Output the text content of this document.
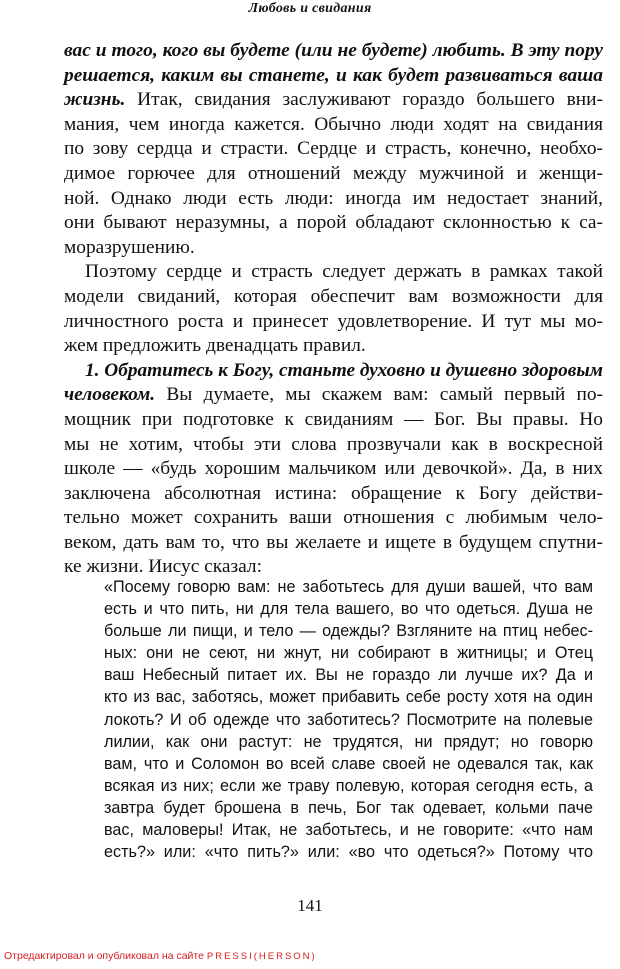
Любовь и свидания
вас и того, кого вы будете (или не будете) любить. В эту пору
решается, каким вы станете, и как будет развиваться ваша
жизнь. Итак, свидания заслуживают гораздо большего вни-
мания, чем иногда кажется. Обычно люди ходят на свидания
по зову сердца и страсти. Сердце и страсть, конечно, необхо-
димое горючее для отношений между мужчиной и женщи-
ной. Однако люди есть люди: иногда им недостает знаний,
они бывают неразумны, а порой обладают склонностью к са-
моразрушению.
Поэтому сердце и страсть следует держать в рамках такой
модели свиданий, которая обеспечит вам возможности для
личностного роста и принесет удовлетворение. И тут мы мо-
жем предложить двенадцать правил.
1. Обратитесь к Богу, станьте духовно и душевно здоровым
человеком. Вы думаете, мы скажем вам: самый первый по-
мощник при подготовке к свиданиям — Бог. Вы правы. Но
мы не хотим, чтобы эти слова прозвучали как в воскресной
школе — «будь хорошим мальчиком или девочкой». Да, в них
заключена абсолютная истина: обращение к Богу действи-
тельно может сохранить ваши отношения с любимым чело-
веком, дать вам то, что вы желаете и ищете в будущем спутни-
ке жизни. Иисус сказал:
«Посему говорю вам: не заботьтесь для души вашей, что вам
есть и что пить, ни для тела вашего, во что одеться. Душа не
больше ли пищи, и тело — одежды? Взгляните на птиц небес-
ных: они не сеют, ни жнут, ни собирают в житницы; и Отец
ваш Небесный питает их. Вы не гораздо ли лучше их? Да и
кто из вас, заботясь, может прибавить себе росту хотя на один
локоть? И об одежде что заботитесь? Посмотрите на полевые
лилии, как они растут: не трудятся, ни прядут; но говорю
вам, что и Соломон во всей славе своей не одевался так, как
всякая из них; если же траву полевую, которая сегодня есть, а
завтра будет брошена в печь, Бог так одевает, кольми паче
вас, маловеры! Итак, не заботьтесь, и не говорите: «что нам
есть?» или: «что пить?» или: «во что одеться?» Потому что
141
Отредактировал и опубликовал на сайте PRESSI(HERSON)
